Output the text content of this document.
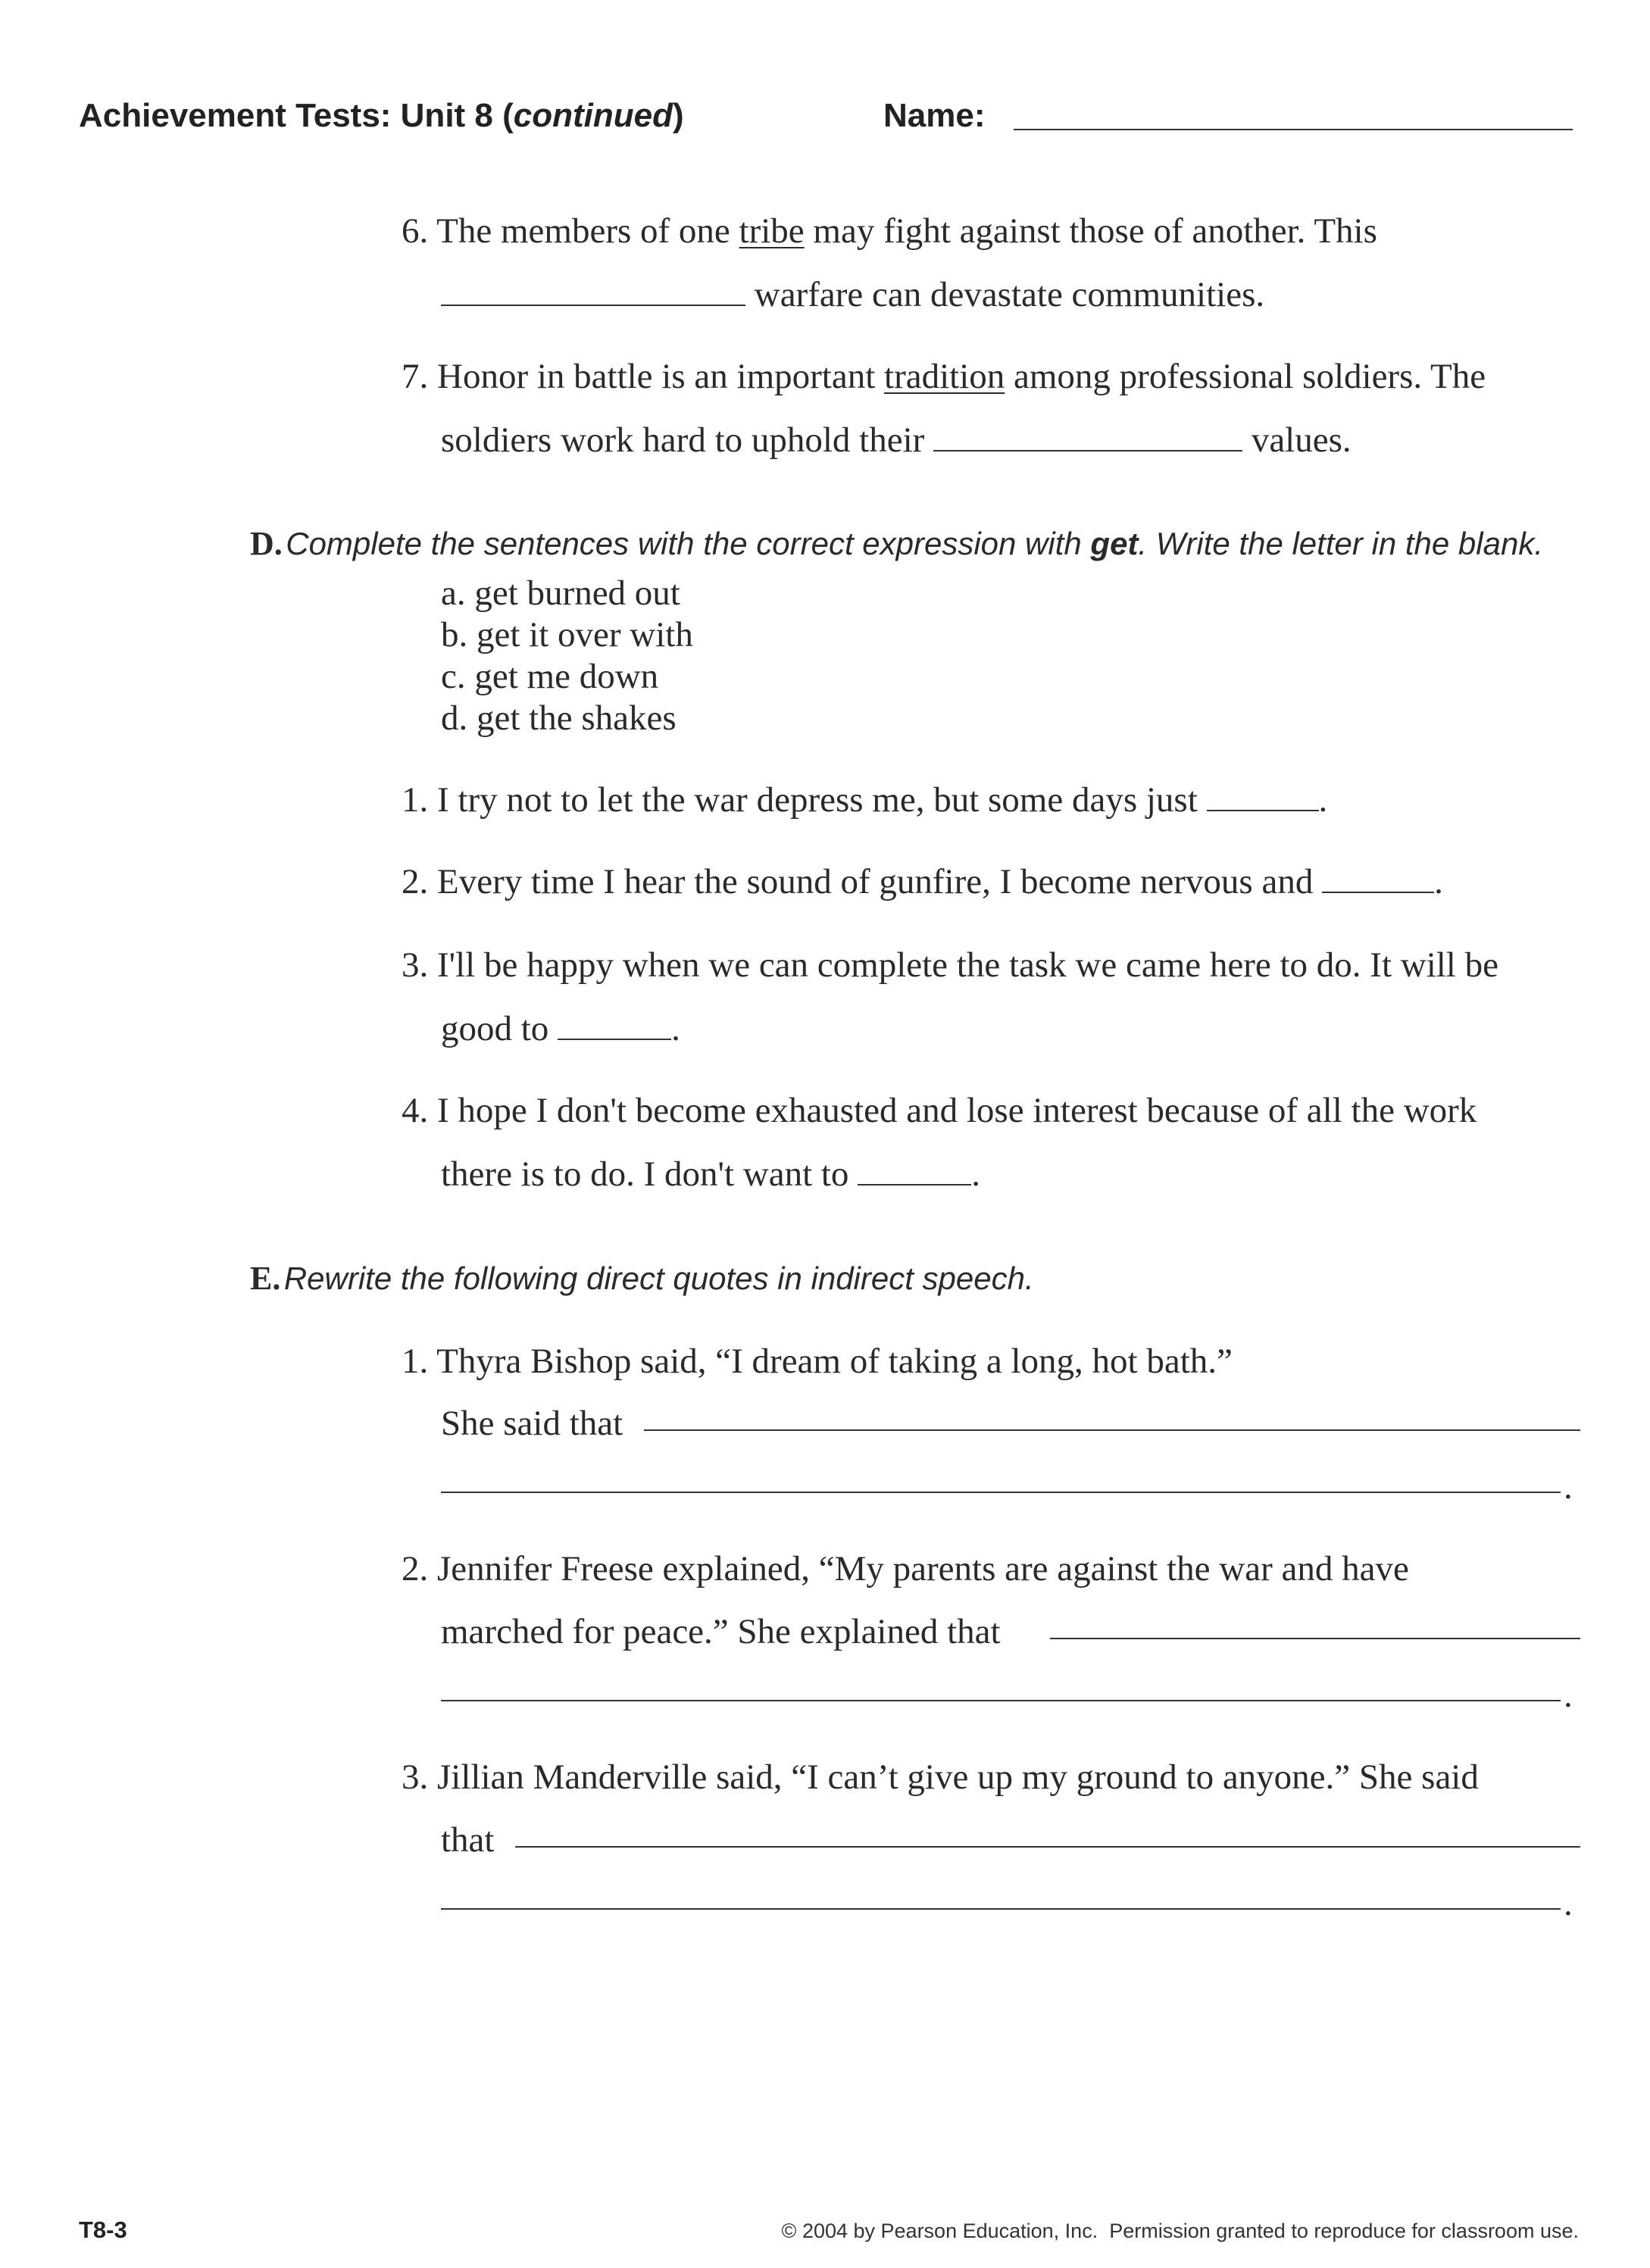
Achievement Tests: Unit 8 (continued)	Name:
6. The members of one tribe may fight against those of another. This
warfare can devastate communities.
7. Honor in battle is an important tradition among professional soldiers. The
soldiers work hard to uphold their	values.
D. Complete the sentences with the correct expression with get. Write the letter in the blank.
a. get burned out
b. get it over with
c. get me down
d. get the shakes
1. I try not to let the war depress me, but some days just	.
2. Every time I hear the sound of gunfire, I become nervous and	.
3. I'll be happy when we can complete the task we came here to do. It will be
good to	.
4. I hope I don't become exhausted and lose interest because of all the work
there is to do. I don't want to	.
E. Rewrite the following direct quotes in indirect speech.
1. Thyra Bishop said, “I dream of taking a long, hot bath.”
She said that
.
2. Jennifer Freese explained, “My parents are against the war and have
marched for peace.” She explained that
.
3. Jillian Manderville said, “I can’t give up my ground to anyone.” She said
that
.
T8-3	© 2004 by Pearson Education, Inc.  Permission granted to reproduce for classroom use.
